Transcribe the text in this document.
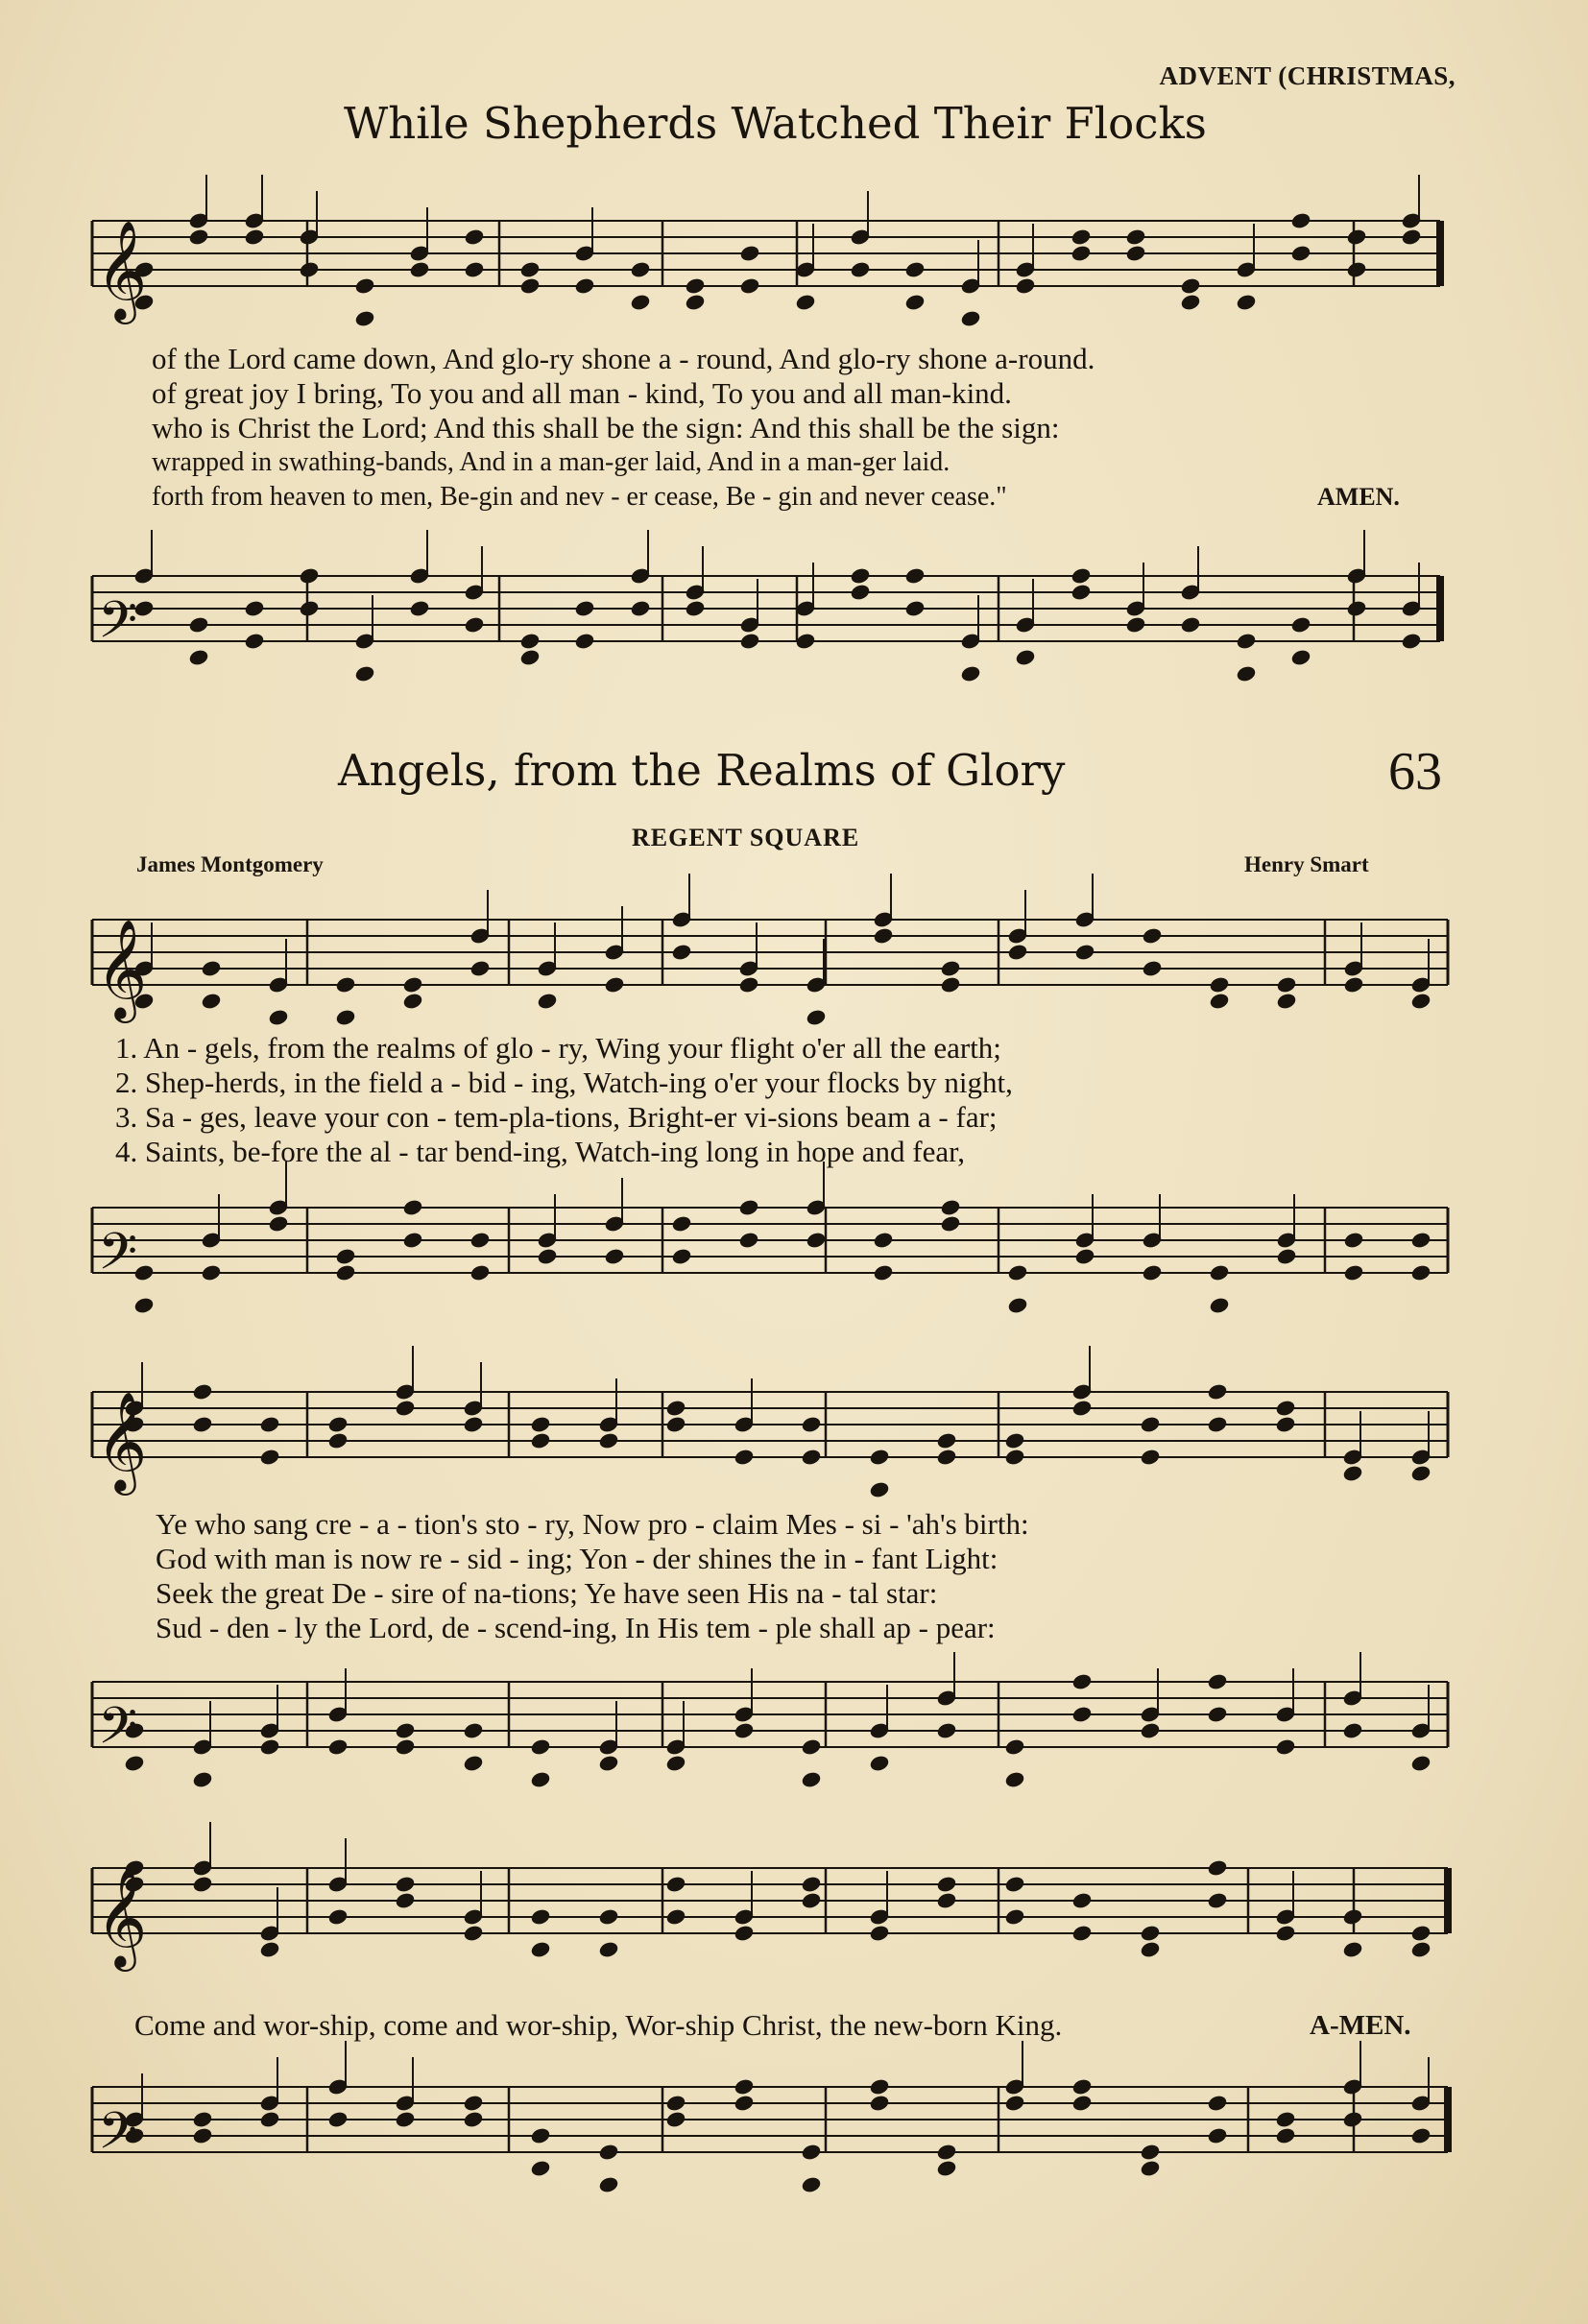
ADVENT (CHRISTMAS,
While Shepherds Watched Their Flocks
𝄞
𝄢
𝄞
𝄢
𝄞
𝄢
𝄞
𝄢
of the Lord came down, And glo-ry shone a - round, And glo-ry shone a-round.
of great joy I bring, To you and all man - kind, To you and all man-kind.
who is Christ the Lord; And this shall be the sign: And this shall be the sign:
wrapped in swathing-bands, And in a man-ger laid, And in a man-ger laid.
forth from heaven to men, Be-gin and nev - er cease, Be - gin and never cease."	AMEN.
Angels, from the Realms of Glory	63
REGENT SQUARE
James Montgomery	Henry Smart
1. An - gels, from the realms of glo - ry, Wing your flight o'er all the earth;
2. Shep-herds, in the field a - bid - ing, Watch-ing o'er your flocks by night,
3. Sa - ges, leave your con - tem-pla-tions, Bright-er vi-sions beam a - far;
4. Saints, be-fore the al - tar bend-ing, Watch-ing long in hope and fear,
Ye who sang cre - a - tion's sto - ry, Now pro - claim Mes - si - 'ah's birth:
God with man is now re - sid - ing; Yon - der shines the in - fant Light:
Seek the great De - sire of na-tions; Ye have seen His na - tal star:
Sud - den - ly the Lord, de - scend-ing, In His tem - ple shall ap - pear:
Come and wor-ship, come and wor-ship, Wor-ship Christ, the new-born King.	A-MEN.
